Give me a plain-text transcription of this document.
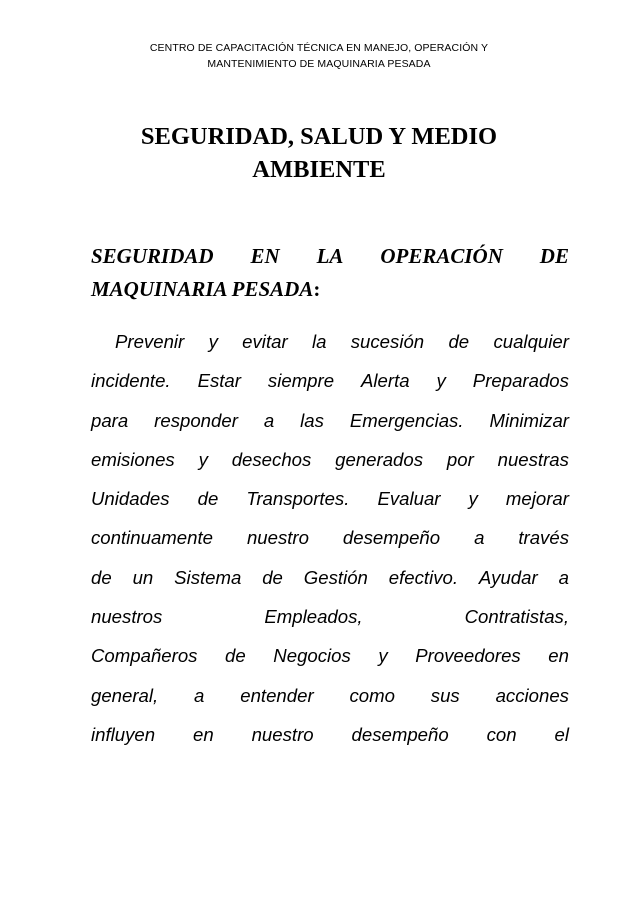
CENTRO DE CAPACITACIÓN TÉCNICA EN MANEJO, OPERACIÓN Y
MANTENIMIENTO DE MAQUINARIA PESADA
SEGURIDAD, SALUD Y MEDIO
AMBIENTE
SEGURIDAD EN LA OPERACIÓN DE
MAQUINARIA PESADA:
Prevenir y evitar la sucesión de cualquier
incidente. Estar siempre Alerta y Preparados
para responder a las Emergencias. Minimizar
emisiones y desechos generados por nuestras
Unidades de Transportes. Evaluar y mejorar
continuamente nuestro desempeño a través
de un Sistema de Gestión efectivo. Ayudar a
nuestros	Empleados,	Contratistas,
Compañeros de Negocios y Proveedores en
general, a entender como sus acciones
influyen en nuestro desempeño con el
